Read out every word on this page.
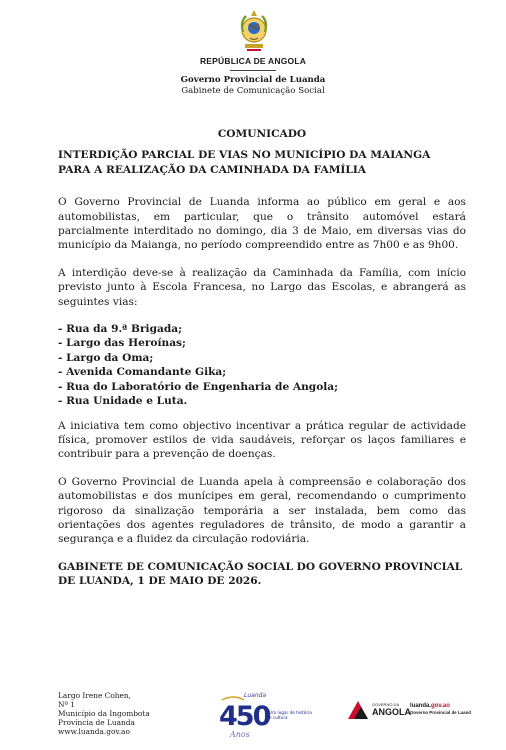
REPÚBLICA DE ANGOLA
Governo Provincial de Luanda
Gabinete de Comunicação Social

COMUNICADO

INTERDIÇÃO PARCIAL DE VIAS NO MUNICÍPIO DA MAIANGA PARA A REALIZAÇÃO DA CAMINHADA DA FAMÍLIA

O Governo Provincial de Luanda informa ao público em geral e aos automobilistas, em particular, que o trânsito automóvel estará parcialmente interditado no domingo, dia 3 de Maio, em diversas vias do município da Maianga, no período compreendido entre as 7h00 e as 9h00.

A interdição deve-se à realização da Caminhada da Família, com início previsto junto à Escola Francesa, no Largo das Escolas, e abrangerá as seguintes vias:

- Rua da 9.ª Brigada;
- Largo das Heroínas;
- Largo da Oma;
- Avenida Comandante Gika;
- Rua do Laboratório de Engenharia de Angola;
- Rua Unidade e Luta.

A iniciativa tem como objectivo incentivar a prática regular de actividade física, promover estilos de vida saudáveis, reforçar os laços familiares e contribuir para a prevenção de doenças.

O Governo Provincial de Luanda apela à compreensão e colaboração dos automobilistas e dos munícipes em geral, recomendando o cumprimento rigoroso da sinalização temporária a ser instalada, bem como das orientações dos agentes reguladores de trânsito, de modo a garantir a segurança e a fluidez da circulação rodoviária.

GABINETE DE COMUNICAÇÃO SOCIAL DO GOVERNO PROVINCIAL DE LUANDA, 1 DE MAIO DE 2026.

Largo Irene Cohen,
Nº 1
Município da Ingombota
Província de Luanda
www.luanda.gov.ao
Luanda
450 Um lugar de história
e cultura
Anos
GOVERNO DA
ANGOLA
luanda.gov.ao
Governo Provincial de Luand
